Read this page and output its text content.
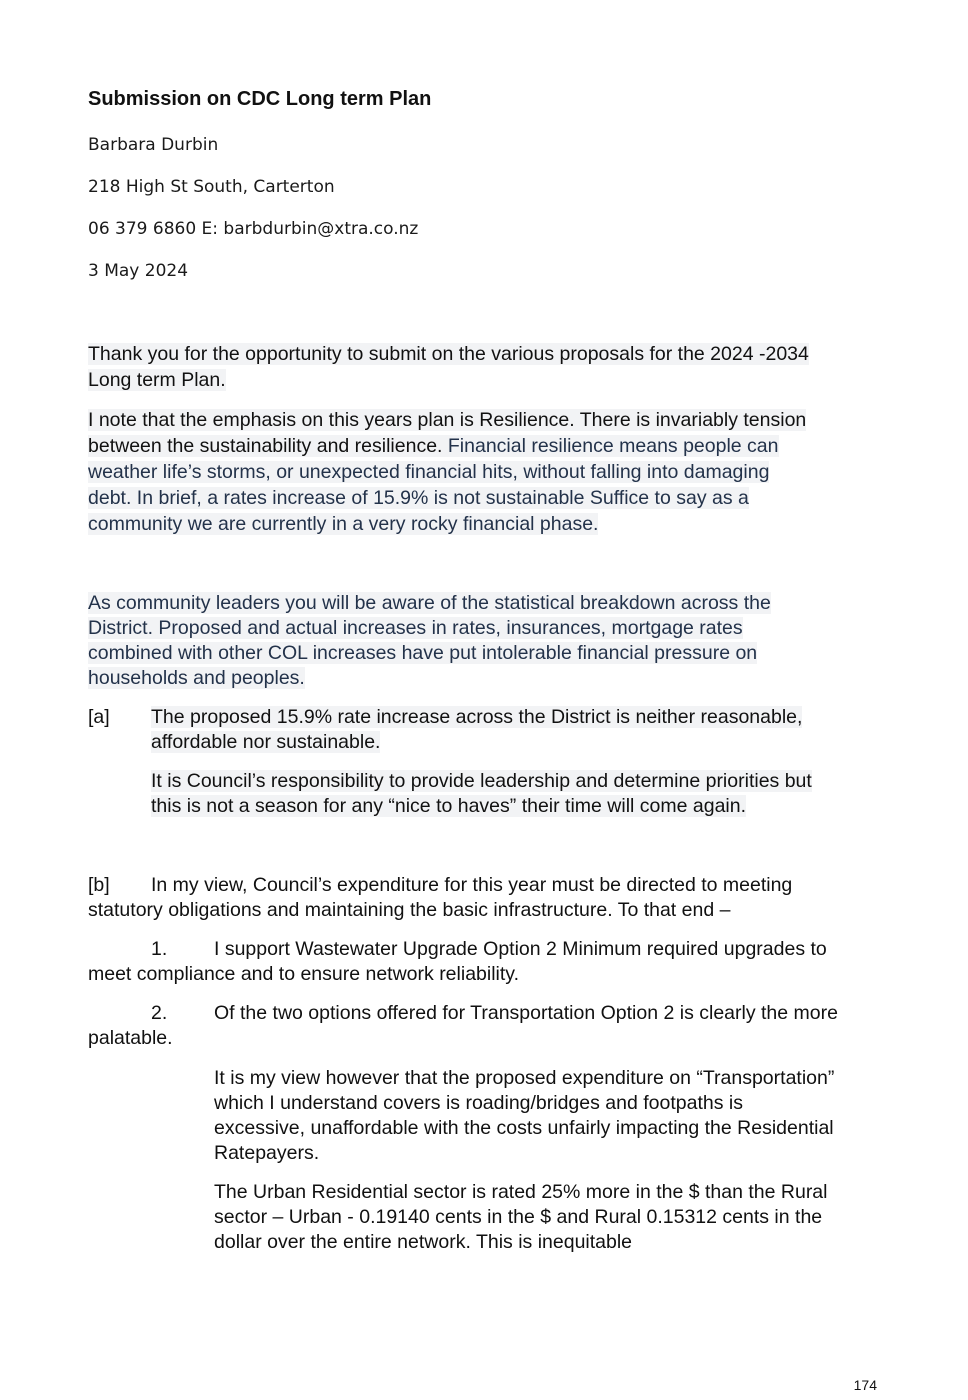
Submission on CDC Long term Plan
Barbara Durbin
218 High St South, Carterton
06 379 6860 E: barbdurbin@xtra.co.nz
3 May 2024
Thank you for the opportunity to submit on the various proposals for the 2024 -2034
Long term Plan.
I note that the emphasis on this years plan is Resilience. There is invariably tension
between the sustainability and resilience. Financial resilience means people can
weather life’s storms, or unexpected financial hits, without falling into damaging
debt. In brief, a rates increase of 15.9% is not sustainable Suffice to say as a
community we are currently in a very rocky financial phase.
As community leaders you will be aware of the statistical breakdown across the
District. Proposed and actual increases in rates, insurances, mortgage rates
combined with other COL increases have put intolerable financial pressure on
households and peoples.
[a] The proposed 15.9% rate increase across the District is neither reasonable,
affordable nor sustainable.
It is Council’s responsibility to provide leadership and determine priorities but
this is not a season for any “nice to haves” their time will come again.
[b] In my view, Council’s expenditure for this year must be directed to meeting
statutory obligations and maintaining the basic infrastructure. To that end –
1. I support Wastewater Upgrade Option 2 Minimum required upgrades to
meet compliance and to ensure network reliability.
2. Of the two options offered for Transportation Option 2 is clearly the more
palatable.
It is my view however that the proposed expenditure on “Transportation”
which I understand covers is roading/bridges and footpaths is
excessive, unaffordable with the costs unfairly impacting the Residential
Ratepayers.
The Urban Residential sector is rated 25% more in the $ than the Rural
sector – Urban - 0.19140 cents in the $ and Rural 0.15312 cents in the
dollar over the entire network. This is inequitable
174
